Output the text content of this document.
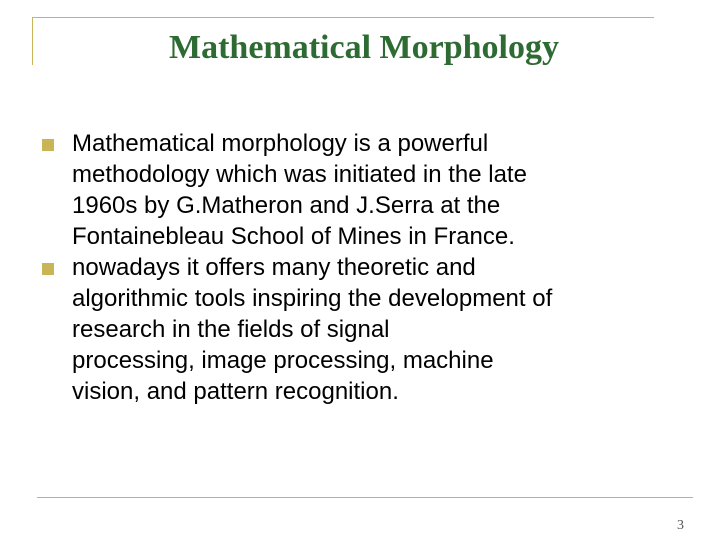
Mathematical Morphology
Mathematical morphology is a powerful
methodology which was initiated in the late
1960s by G.Matheron and J.Serra at the
Fontainebleau School of Mines in France.
nowadays it offers many theoretic and
algorithmic tools inspiring the development of
research in the fields of signal
processing, image processing, machine
vision, and pattern recognition.
3
